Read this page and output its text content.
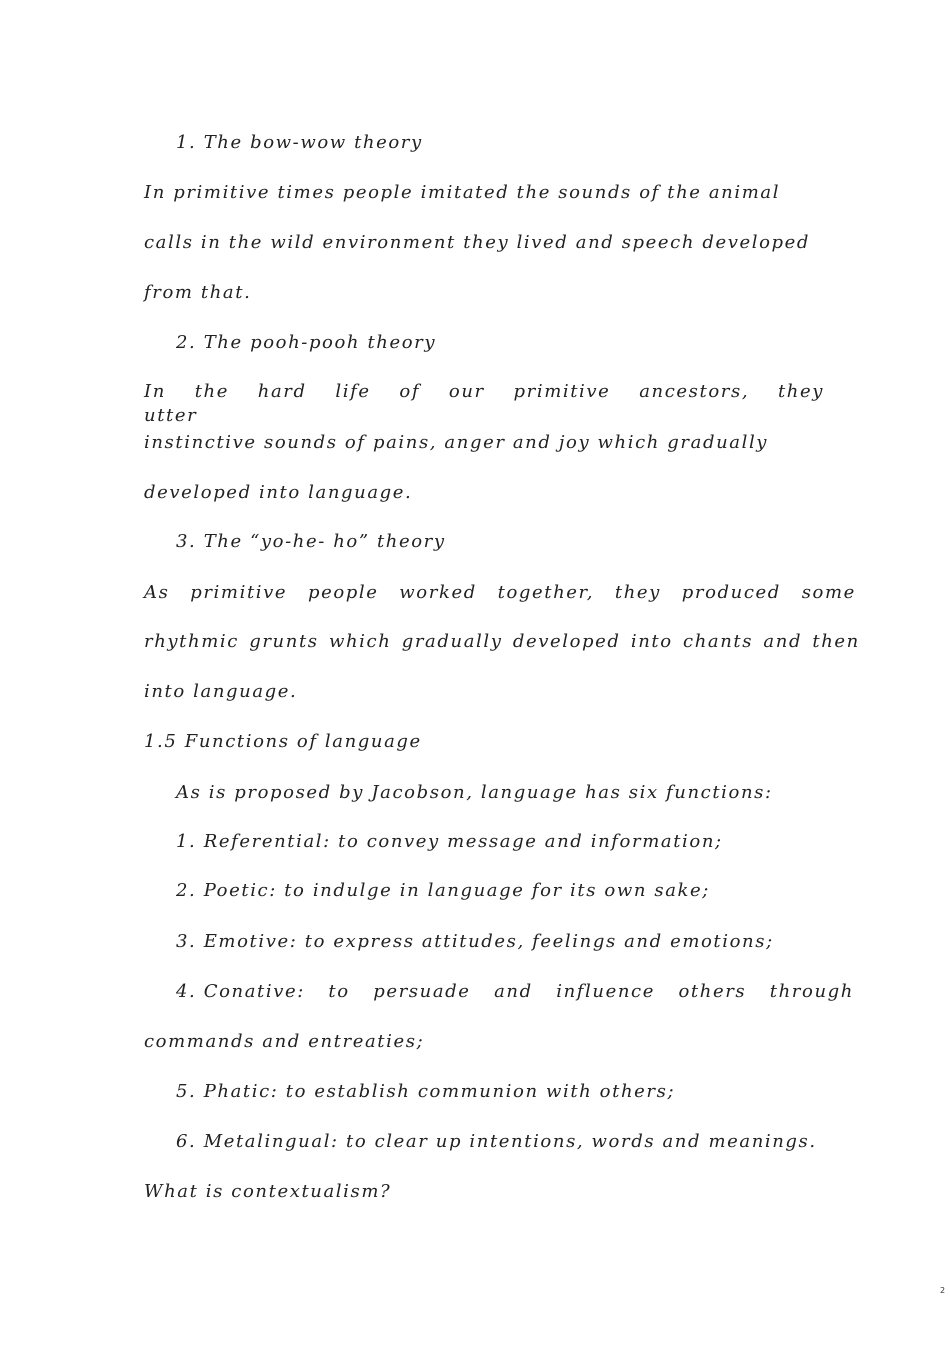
1. The bow-wow theory
In primitive times people imitated the sounds of the animal
calls in the wild environment they lived and speech developed
from that.
2. The pooh-pooh theory
In the hard life of our primitive ancestors, they
utter
instinctive sounds of pains, anger and joy which gradually
developed into language.
3. The “yo-he- ho” theory
As primitive people worked together, they produced some
rhythmic grunts which gradually developed into chants and then
into language.
1.5 Functions of language
As is proposed by Jacobson, language has six functions:
1. Referential: to convey message and information;
2. Poetic: to indulge in language for its own sake;
3. Emotive: to express attitudes, feelings and emotions;
4. Conative: to persuade and influence others through
commands and entreaties;
5. Phatic: to establish communion with others;
6. Metalingual: to clear up intentions, words and meanings.
What is contextualism?
2
